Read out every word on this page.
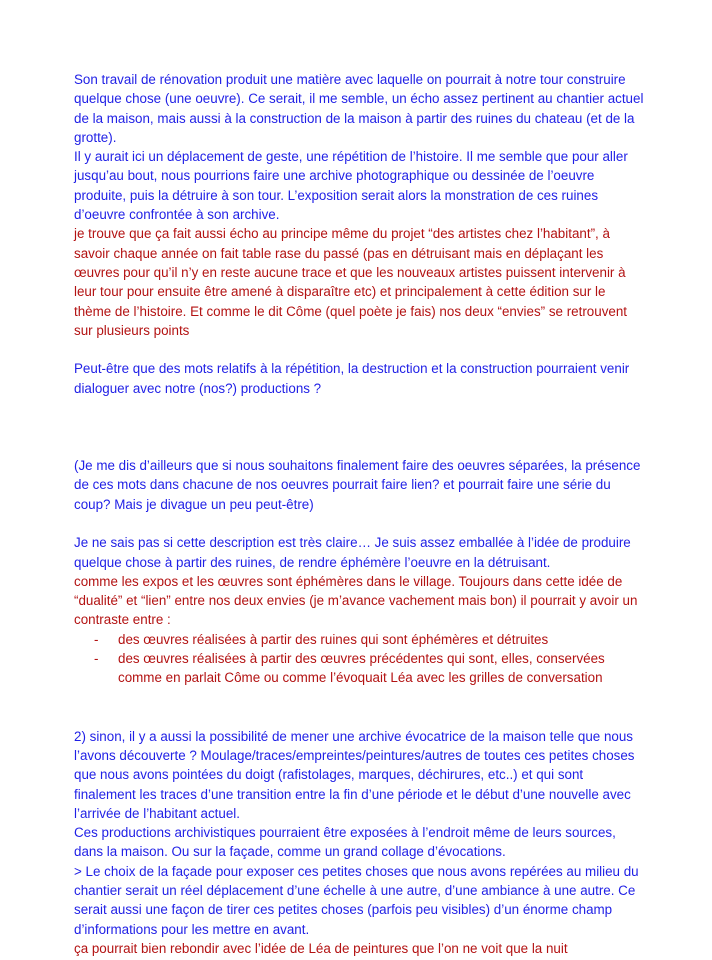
Son travail de rénovation produit une matière avec laquelle on pourrait à notre tour construire quelque chose (une oeuvre). Ce serait, il me semble, un écho assez pertinent au chantier actuel de la maison, mais aussi à la construction de la maison à partir des ruines du chateau (et de la grotte).

Il y aurait ici un déplacement de geste, une répétition de l’histoire. Il me semble que pour aller jusqu’au bout, nous pourrions faire une archive photographique ou dessinée de l’oeuvre produite, puis la détruire à son tour. L’exposition serait alors la monstration de ces ruines d’oeuvre confrontée à son archive.

je trouve que ça fait aussi écho au principe même du projet “des artistes chez l’habitant”, à savoir chaque année on fait table rase du passé (pas en détruisant mais en déplaçant les œuvres pour qu’il n’y en reste aucune trace et que les nouveaux artistes puissent intervenir à leur tour pour ensuite être amené à disparaître etc) et principalement à cette édition sur le thème de l’histoire. Et comme le dit Côme (quel poète je fais) nos deux “envies” se retrouvent sur plusieurs points

Peut-être que des mots relatifs à la répétition, la destruction et la construction pourraient venir dialoguer avec notre (nos?) productions ?

(Je me dis d’ailleurs que si nous souhaitons finalement faire des oeuvres séparées, la présence de ces mots dans chacune de nos oeuvres pourrait faire lien? et pourrait faire une série du coup? Mais je divague un peu peut-être)

Je ne sais pas si cette description est très claire… Je suis assez emballée à l’idée de produire quelque chose à partir des ruines, de rendre éphémère l’oeuvre en la détruisant.

comme les expos et les œuvres sont éphémères dans le village. Toujours dans cette idée de “dualité” et “lien” entre nos deux envies (je m’avance vachement mais bon) il pourrait y avoir un contraste entre :

- des œuvres réalisées à partir des ruines qui sont éphémères et détruites
- des œuvres réalisées à partir des œuvres précédentes qui sont, elles, conservées comme en parlait Côme ou comme l’évoquait Léa avec les grilles de conversation

2) sinon, il y a aussi la possibilité de mener une archive évocatrice de la maison telle que nous l’avons découverte ? Moulage/traces/empreintes/peintures/autres de toutes ces petites choses que nous avons pointées du doigt (rafistolages, marques, déchirures, etc..) et qui sont finalement les traces d’une transition entre la fin d’une période et le début d’une nouvelle avec l’arrivée de l’habitant actuel.

Ces productions archivistiques pourraient être exposées à l’endroit même de leurs sources, dans la maison. Ou sur la façade, comme un grand collage d’évocations.

> Le choix de la façade pour exposer ces petites choses que nous avons repérées au milieu du chantier serait un réel déplacement d’une échelle à une autre, d’une ambiance à une autre. Ce serait aussi une façon de tirer ces petites choses (parfois peu visibles) d’un énorme champ d’informations pour les mettre en avant.

ça pourrait bien rebondir avec l’idée de Léa de peintures que l’on ne voit que la nuit
